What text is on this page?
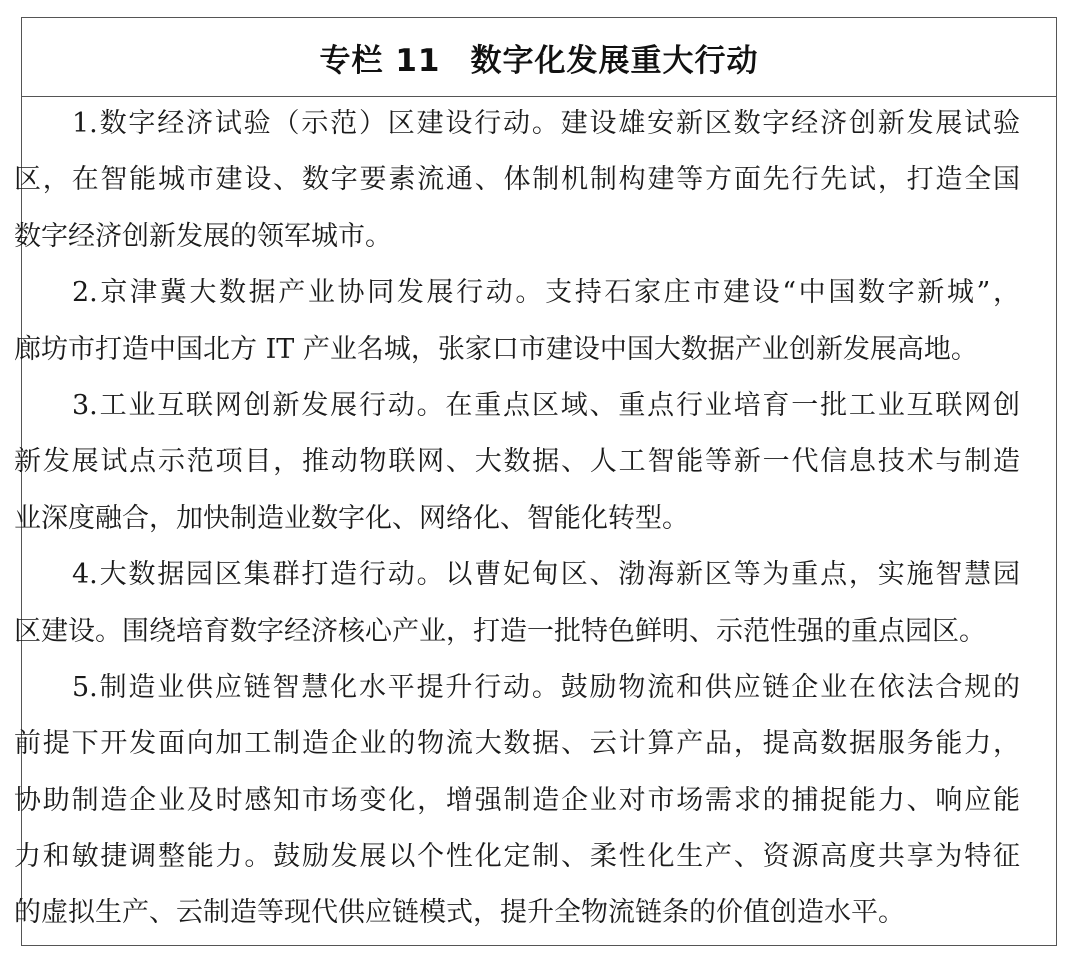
专栏 11 数字化发展重大行动
1.数字经济试验（示范）区建设行动。建设雄安新区数字经济创新发展试验
区，在智能城市建设、数字要素流通、体制机制构建等方面先行先试，打造全国
数字经济创新发展的领军城市。
2.京津冀大数据产业协同发展行动。支持石家庄市建设“中国数字新城”，
廊坊市打造中国北方 IT 产业名城，张家口市建设中国大数据产业创新发展高地。
3.工业互联网创新发展行动。在重点区域、重点行业培育一批工业互联网创
新发展试点示范项目，推动物联网、大数据、人工智能等新一代信息技术与制造
业深度融合，加快制造业数字化、网络化、智能化转型。
4.大数据园区集群打造行动。以曹妃甸区、渤海新区等为重点，实施智慧园
区建设。围绕培育数字经济核心产业，打造一批特色鲜明、示范性强的重点园区。
5.制造业供应链智慧化水平提升行动。鼓励物流和供应链企业在依法合规的
前提下开发面向加工制造企业的物流大数据、云计算产品，提高数据服务能力，
协助制造企业及时感知市场变化，增强制造企业对市场需求的捕捉能力、响应能
力和敏捷调整能力。鼓励发展以个性化定制、柔性化生产、资源高度共享为特征
的虚拟生产、云制造等现代供应链模式，提升全物流链条的价值创造水平。
